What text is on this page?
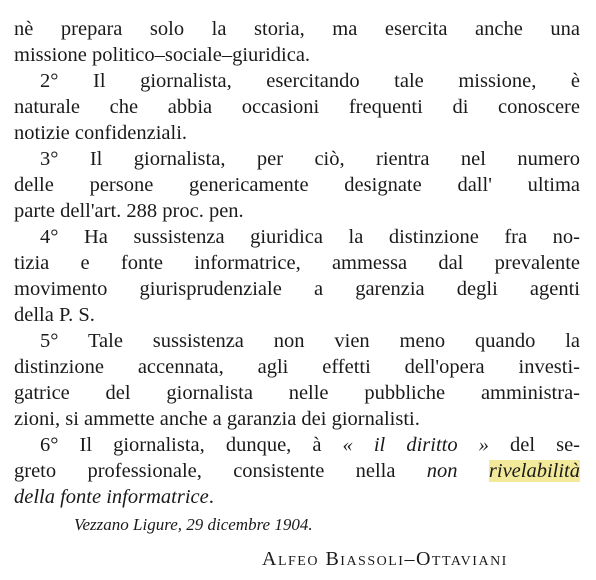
nè prepara solo la storia, ma esercita anche una
missione politico–sociale–giuridica.
2° Il giornalista, esercitando tale missione, è
naturale che abbia occasioni frequenti di conoscere
notizie confidenziali.
3° Il giornalista, per ciò, rientra nel numero
delle persone genericamente designate dall' ultima
parte dell'art. 288 proc. pen.
4° Ha sussistenza giuridica la distinzione fra no-
tizia e fonte informatrice, ammessa dal prevalente
movimento giurisprudenziale a garenzia degli agenti
della P. S.
5° Tale sussistenza non vien meno quando la
distinzione accennata, agli effetti dell'opera investi-
gatrice del giornalista nelle pubbliche amministra-
zioni, si ammette anche a garanzia dei giornalisti.
6° Il giornalista, dunque, à « il diritto » del se-
greto professionale, consistente nella non rivelabilità
della fonte informatrice.
Vezzano Ligure, 29 dicembre 1904.
Alfeo Biassoli–Ottaviani
